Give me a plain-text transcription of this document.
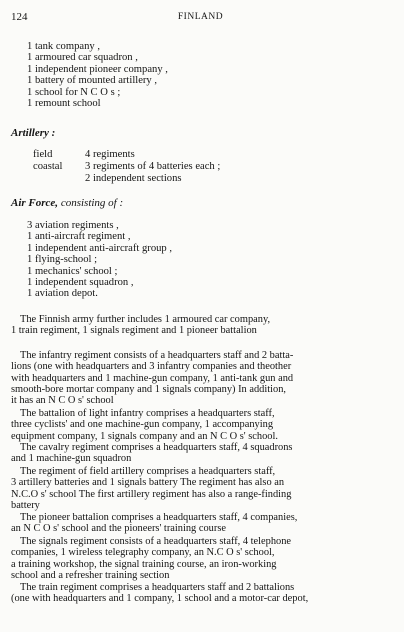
124	FINLAND
1 tank company ,
1 armoured car squadron ,
1 independent pioneer company ,
1 battery of mounted artillery ,
1 school for N C O s ;
1 remount school
Artillery :
field	4 regiments
coastal 3 regiments of 4 batteries each ;
2 independent sections
Air Force, consisting of :
3 aviation regiments ,
1 anti-aircraft regiment ,
1 independent anti-aircraft group ,
1 flying-school ;
1 mechanics' school ;
1 independent squadron ,
1 aviation depot.
The Finnish army further includes 1 armoured car company,
1 train regiment, 1 signals regiment and 1 pioneer battalion
The infantry regiment consists of a headquarters staff and 2 batta-
lions (one with headquarters and 3 infantry companies and theother
with headquarters and 1 machine-gun company, 1 anti-tank gun and
smooth-bore mortar company and 1 signals company) In addition,
it has an N C O s' school
The battalion of light infantry comprises a headquarters staff,
three cyclists' and one machine-gun company, 1 accompanying
equipment company, 1 signals company and an N C O s' school.
The cavalry regiment comprises a headquarters staff, 4 squadrons
and 1 machine-gun squadron
The regiment of field artillery comprises a headquarters staff,
3 artillery batteries and 1 signals battery The regiment has also an
N.C.O s' school The first artillery regiment has also a range-finding
battery
The pioneer battalion comprises a headquarters staff, 4 companies,
an N C O s' school and the pioneers' training course
The signals regiment consists of a headquarters staff, 4 telephone
companies, 1 wireless telegraphy company, an N.C O s' school,
a training workshop, the signal training course, an iron-working
school and a refresher training section
The train regiment comprises a headquarters staff and 2 battalions
(one with headquarters and 1 company, 1 school and a motor-car depot,
